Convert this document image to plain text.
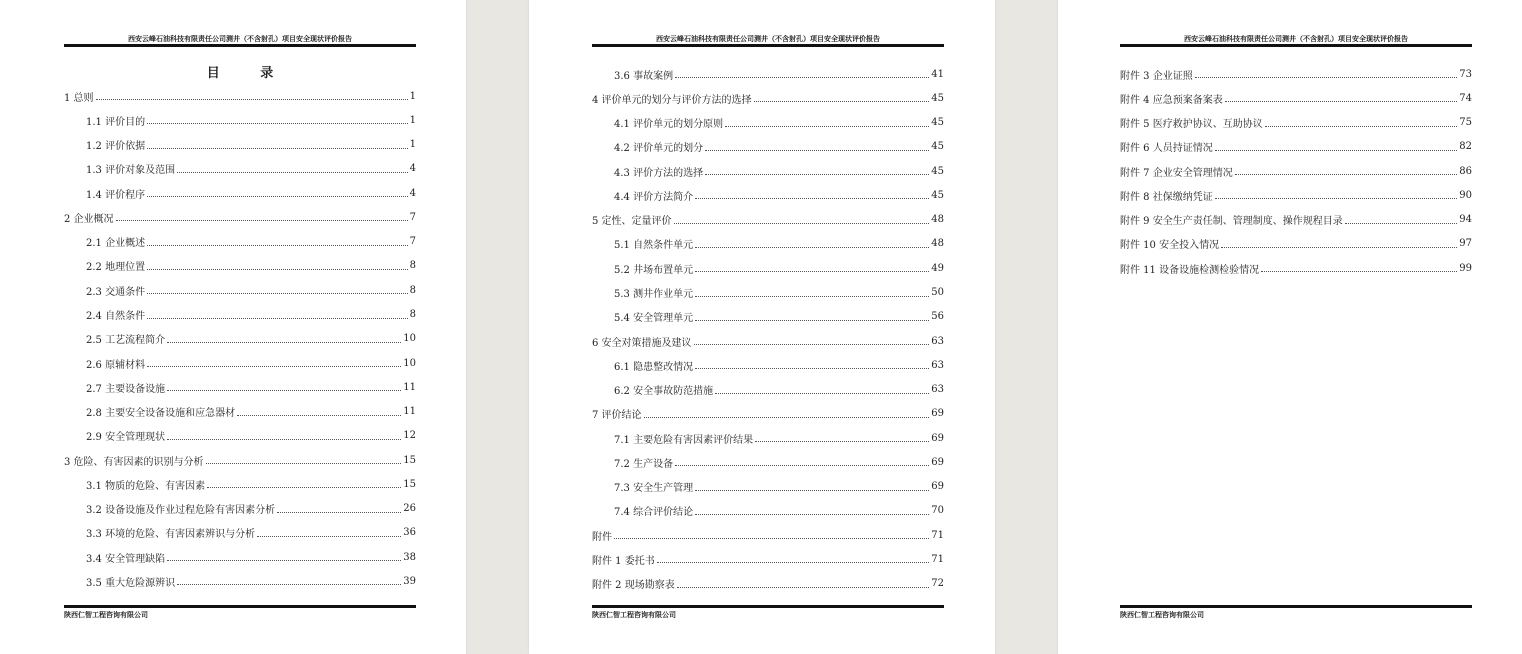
西安云峰石油科技有限责任公司测井（不含射孔）项目安全现状评价报告
目 录
1 总则	1
1.1 评价目的	1
1.2 评价依据	1
1.3 评价对象及范围	4
1.4 评价程序	4
2 企业概况	7
2.1 企业概述	7
2.2 地理位置	8
2.3 交通条件	8
2.4 自然条件	8
2.5 工艺流程简介	10
2.6 原辅材料	10
2.7 主要设备设施	11
2.8 主要安全设备设施和应急器材	11
2.9 安全管理现状	12
3 危险、有害因素的识别与分析	15
3.1 物质的危险、有害因素	15
3.2 设备设施及作业过程危险有害因素分析	26
3.3 环境的危险、有害因素辨识与分析	36
3.4 安全管理缺陷	38
3.5 重大危险源辨识	39
陕西仁智工程咨询有限公司
西安云峰石油科技有限责任公司测井（不含射孔）项目安全现状评价报告
3.6 事故案例	41
4 评价单元的划分与评价方法的选择	45
4.1 评价单元的划分原则	45
4.2 评价单元的划分	45
4.3 评价方法的选择	45
4.4 评价方法简介	45
5 定性、定量评价	48
5.1 自然条件单元	48
5.2 井场布置单元	49
5.3 测井作业单元	50
5.4 安全管理单元	56
6 安全对策措施及建议	63
6.1 隐患整改情况	63
6.2 安全事故防范措施	63
7 评价结论	69
7.1 主要危险有害因素评价结果	69
7.2 生产设备	69
7.3 安全生产管理	69
7.4 综合评价结论	70
附件	71
附件 1 委托书	71
附件 2 现场勘察表	72
陕西仁智工程咨询有限公司
西安云峰石油科技有限责任公司测井（不含射孔）项目安全现状评价报告
附件 3 企业证照	73
附件 4 应急预案备案表	74
附件 5 医疗救护协议、互助协议	75
附件 6 人员持证情况	82
附件 7 企业安全管理情况	86
附件 8 社保缴纳凭证	90
附件 9 安全生产责任制、管理制度、操作规程目录	94
附件 10 安全投入情况	97
附件 11 设备设施检测检验情况	99
陕西仁智工程咨询有限公司
